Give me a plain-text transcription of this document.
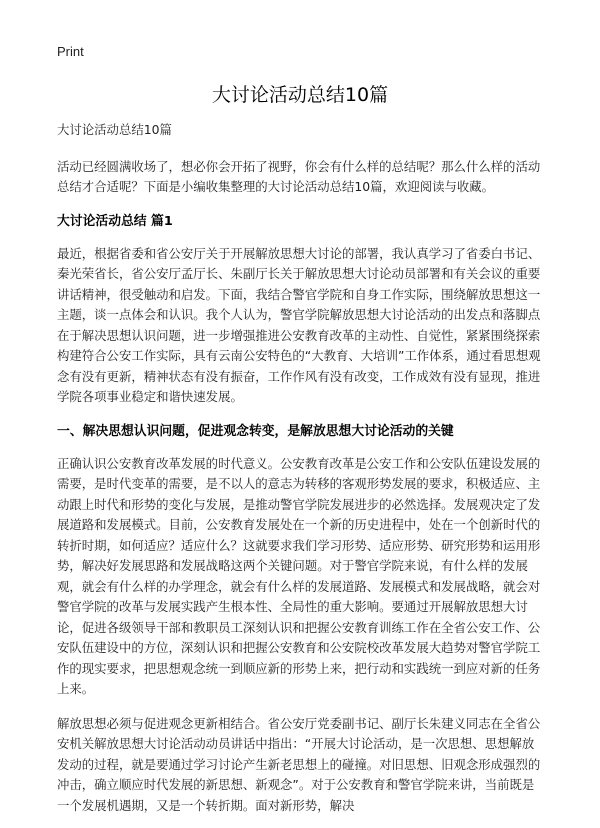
Print
大讨论活动总结10篇

大讨论活动总结10篇

活动已经圆满收场了，想必你会开拓了视野，你会有什么样的总结呢？那么什么样的活动总结才合适呢？下面是小编收集整理的大讨论活动总结10篇，欢迎阅读与收藏。

大讨论活动总结 篇1

最近，根据省委和省公安厅关于开展解放思想大讨论的部署，我认真学习了省委白书记、秦光荣省长，省公安厅孟厅长、朱副厅长关于解放思想大讨论动员部署和有关会议的重要讲话精神，很受触动和启发。下面，我结合警官学院和自身工作实际，围绕解放思想这一主题，谈一点体会和认识。我个人认为，警官学院解放思想大讨论活动的出发点和落脚点在于解决思想认识问题，进一步增强推进公安教育改革的主动性、自觉性，紧紧围绕探索构建符合公安工作实际，具有云南公安特色的“大教育、大培训”工作体系，通过看思想观念有没有更新，精神状态有没有振奋，工作作风有没有改变，工作成效有没有显现，推进学院各项事业稳定和谐快速发展。

一、解决思想认识问题，促进观念转变，是解放思想大讨论活动的关键

正确认识公安教育改革发展的时代意义。公安教育改革是公安工作和公安队伍建设发展的需要，是时代变革的需要，是不以人的意志为转移的客观形势发展的要求，积极适应、主动跟上时代和形势的变化与发展，是推动警官学院发展进步的必然选择。发展观决定了发展道路和发展模式。目前，公安教育发展处在一个新的历史进程中，处在一个创新时代的转折时期，如何适应？适应什么？这就要求我们学习形势、适应形势、研究形势和运用形势，解决好发展思路和发展战略这两个关键问题。对于警官学院来说，有什么样的发展观，就会有什么样的办学理念，就会有什么样的发展道路、发展模式和发展战略，就会对警官学院的改革与发展实践产生根本性、全局性的重大影响。要通过开展解放思想大讨论，促进各级领导干部和教职员工深刻认识和把握公安教育训练工作在全省公安工作、公安队伍建设中的方位，深刻认识和把握公安教育和公安院校改革发展大趋势对警官学院工作的现实要求，把思想观念统一到顺应新的形势上来，把行动和实践统一到应对新的任务上来。

解放思想必须与促进观念更新相结合。省公安厅党委副书记、副厅长朱建义同志在全省公安机关解放思想大讨论活动动员讲话中指出：“开展大讨论活动，是一次思想、思想解放发动的过程，就是要通过学习讨论产生新老思想上的碰撞。对旧思想、旧观念形成强烈的冲击，确立顺应时代发展的新思想、新观念”。对于公安教育和警官学院来讲，当前既是一个发展机遇期，又是一个转折期。面对新形势，解决
